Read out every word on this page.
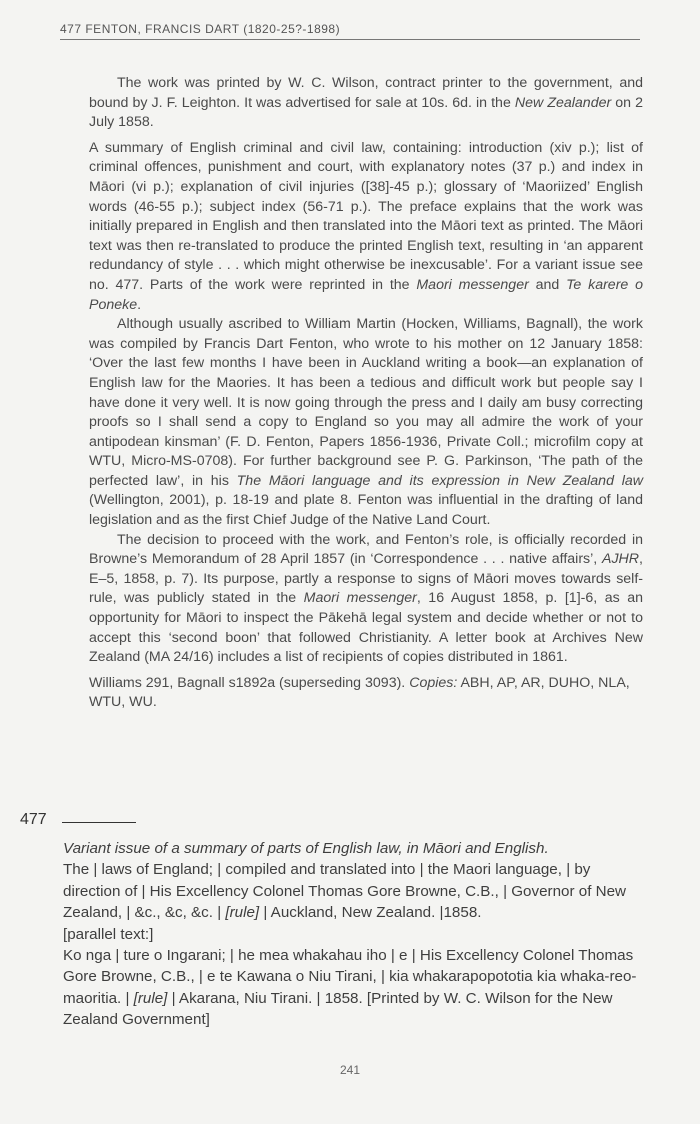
477 FENTON, FRANCIS DART (1820-25?-1898)

The work was printed by W. C. Wilson, contract printer to the government, and bound by J. F. Leighton. It was advertised for sale at 10s. 6d. in the New Zealander on 2 July 1858.

A summary of English criminal and civil law, containing: introduction (xiv p.); list of criminal offences, punishment and court, with explanatory notes (37 p.) and index in Māori (vi p.); explanation of civil injuries ([38]-45 p.); glossary of ‘Maoriized’ English words (46-55 p.); subject index (56-71 p.). The preface explains that the work was initially prepared in English and then translated into the Māori text as printed. The Māori text was then re-translated to produce the printed English text, resulting in ‘an apparent redundancy of style . . . which might otherwise be inexcusable’. For a variant issue see no. 477. Parts of the work were reprinted in the Maori messenger and Te karere o Poneke.

Although usually ascribed to William Martin (Hocken, Williams, Bagnall), the work was compiled by Francis Dart Fenton, who wrote to his mother on 12 January 1858: ‘Over the last few months I have been in Auckland writing a book—an explanation of English law for the Maories. It has been a tedious and difficult work but people say I have done it very well. It is now going through the press and I daily am busy correcting proofs so I shall send a copy to England so you may all admire the work of your antipodean kinsman’ (F. D. Fenton, Papers 1856-1936, Private Coll.; microfilm copy at WTU, Micro-MS-0708). For further background see P. G. Parkinson, ‘The path of the perfected law’, in his The Māori language and its expression in New Zealand law (Wellington, 2001), p. 18-19 and plate 8. Fenton was influential in the drafting of land legislation and as the first Chief Judge of the Native Land Court.

The decision to proceed with the work, and Fenton’s role, is officially recorded in Browne’s Memorandum of 28 April 1857 (in ‘Correspondence . . . native affairs’, AJHR, E–5, 1858, p. 7). Its purpose, partly a response to signs of Māori moves towards self-rule, was publicly stated in the Maori messenger, 16 August 1858, p. [1]-6, as an opportunity for Māori to inspect the Pākehā legal system and decide whether or not to accept this ‘second boon’ that followed Christianity. A letter book at Archives New Zealand (MA 24/16) includes a list of recipients of copies distributed in 1861.

Williams 291, Bagnall s1892a (superseding 3093). Copies: ABH, AP, AR, DUHO, NLA, WTU, WU.

477

Variant issue of a summary of parts of English law, in Māori and English.

The | laws of England; | compiled and translated into | the Maori language, | by direction of | His Excellency Colonel Thomas Gore Browne, C.B., | Governor of New Zealand, | &c., &c, &c. | [rule] | Auckland, New Zealand. |1858.

[parallel text:]

Ko nga | ture o Ingarani; | he mea whakahau iho | e | His Excellency Colonel Thomas Gore Browne, C.B., | e te Kawana o Niu Tirani, | kia whakarapopototia kia whaka-reo-maoritia. | [rule] | Akarana, Niu Tirani. | 1858. [Printed by W. C. Wilson for the New Zealand Government]

241
